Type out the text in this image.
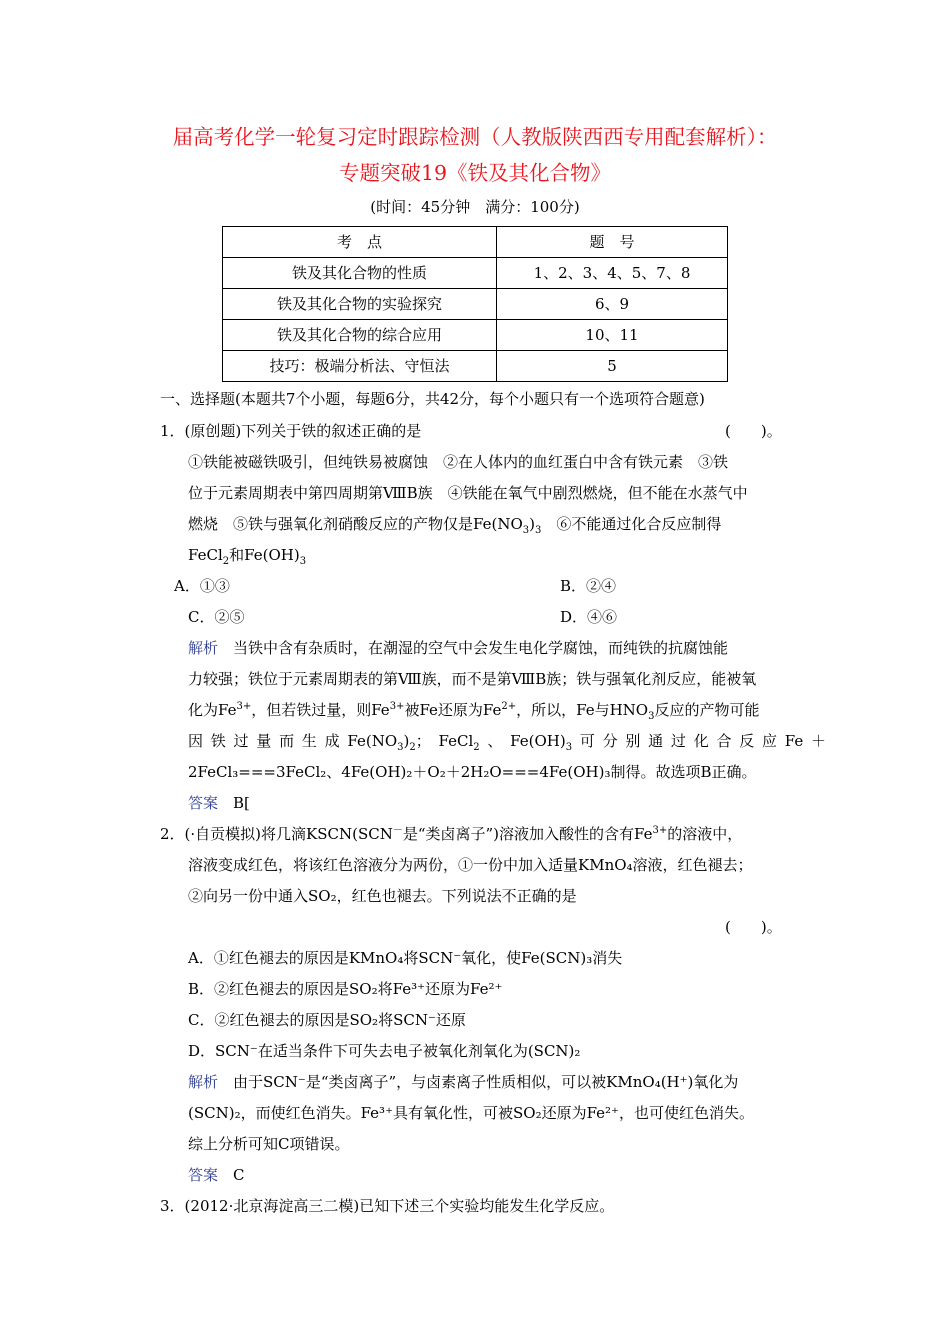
届高考化学一轮复习定时跟踪检测（人教版陕西西专用配套解析）：
专题突破19《铁及其化合物》
(时间：45分钟　满分：100分)
考　点	题　号
铁及其化合物的性质	1、2、3、4、5、7、8
铁及其化合物的实验探究	6、9
铁及其化合物的综合应用	10、11
技巧：极端分析法、守恒法	5
一、选择题(本题共7个小题，每题6分，共42分，每个小题只有一个选项符合题意)
1．(原创题)下列关于铁的叙述正确的是	(　　)。
①铁能被磁铁吸引，但纯铁易被腐蚀　②在人体内的血红蛋白中含有铁元素　③铁
位于元素周期表中第四周期第ⅧB族　④铁能在氧气中剧烈燃烧，但不能在水蒸气中
燃烧　⑤铁与强氧化剂硝酸反应的产物仅是$Fe(NO_3)_3$　⑥不能通过化合反应制得
FeCl$_2$和$Fe(OH)_3$
A．①③	B．②④
C．②⑤	D．④⑥
解析　 当铁中含有杂质时，在潮湿的空气中会发生电化学腐蚀，而纯铁的抗腐蚀能
力较强；铁位于元素周期表的第Ⅷ族，而不是第ⅧB族；铁与强氧化剂反应，能被氧
化为$Fe^{3+}$，但若铁过量，则$Fe^{3+}$被Fe还原为$Fe^{2+}$，所以，Fe与$HNO_3$反应的产物可能
因 铁 过 量 而 生 成 $Fe(NO_3)_2$； FeCl$_2$ 、 $Fe(OH)_3$ 可 分 别 通 过 化 合 反 应 Fe ＋
2FeCl₃===3FeCl₂、4Fe(OH)₂＋O₂＋2H₂O===4Fe(OH)₃制得。故选项B正确。
答案　 B[
2．(·自贡模拟)将几滴KSCN(SCN－是“类卤离子”)溶液加入酸性的含有$Fe^{3+}$的溶液中，
溶液变成红色，将该红色溶液分为两份，①一份中加入适量KMnO₄溶液，红色褪去；
②向另一份中通入SO₂，红色也褪去。下列说法不正确的是
(　　)。
A．①红色褪去的原因是KMnO₄将SCN⁻氧化，使Fe(SCN)₃消失
B．②红色褪去的原因是SO₂将Fe³⁺还原为Fe²⁺
C．②红色褪去的原因是SO₂将SCN⁻还原
D．SCN⁻在适当条件下可失去电子被氧化剂氧化为(SCN)₂
解析　 由于SCN⁻是“类卤离子”，与卤素离子性质相似，可以被KMnO₄(H⁺)氧化为
(SCN)₂，而使红色消失。Fe³⁺具有氧化性，可被SO₂还原为Fe²⁺，也可使红色消失。
综上分析可知C项错误。
答案　 C
3．(2012·北京海淀高三二模)已知下述三个实验均能发生化学反应。
